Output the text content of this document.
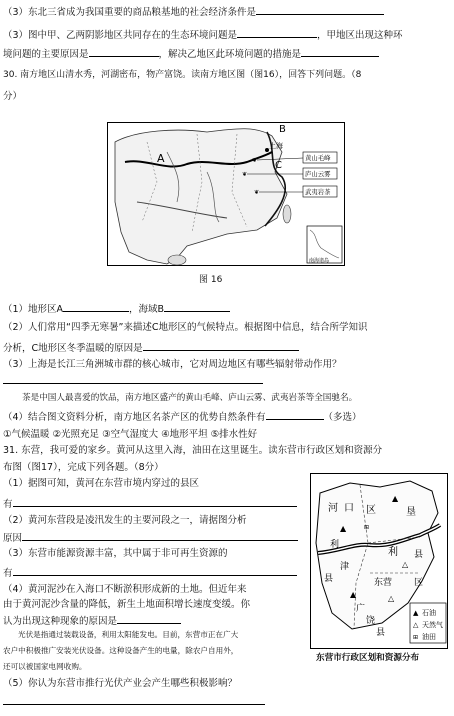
（3）东北三省成为我国重要的商品粮基地的社会经济条件是
（3）图中甲、乙两阴影地区共同存在的生态环境问题是	，甲地区出现这种环
境问题的主要原因是	，解决乙地区此环境问题的措施是
30. 南方地区山清水秀，河湖密布，物产富饶。读南方地区图（图16），回答下列问题。（8
分）
A
B
C
上海
黄山毛峰
庐山云雾
武夷岩茶
❦
❦
❦
南海诸岛
图 16
（1）地形区A	，海域B
（2）人们常用“四季无寒暑”来描述C地形区的气候特点。根据图中信息，结合所学知识
分析，C地形区冬季温暖的原因是
（3）上海是长江三角洲城市群的核心城市，它对周边地区有哪些辐射带动作用？
茶是中国人最喜爱的饮品，南方地区盛产的黄山毛峰、庐山云雾、武夷岩茶等全国驰名。
（4）结合图文资料分析，南方地区名茶产区的优势自然条件有	（多选）
①气候温暖 ②光照充足 ③空气湿度大 ④地形平坦 ⑤排水性好
31. 东营，我可爱的家乡。黄河从这里入海，油田在这里诞生。读东营市行政区划和资源分
布图（图17），完成下列各题。（8分）
（1）据图可知，黄河在东营市境内穿过的县区
有
（2）黄河东营段是凌汛发生的主要河段之一，请据图分析
原因
（3）东营市能源资源丰富，其中属于非可再生资源的
有
（4）黄河泥沙在入海口不断淤积形成新的土地。但近年来
由于黄河泥沙含量的降低，新生土地面积增长速度变缓。你
认为出现这种现象的原因是
光伏是指通过装载设备，利用太阳能发电。目前，东营市正在广大
农户中积极推广安装光伏设备。这种设备产生的电量，除农户自用外，
还可以被国家电网收购。
（5）你认为东营市推行光伏产业会产生哪些积极影响？
河 口 区	垦
利 县
东营 区
广
饶
县
利
津
县
▲
▲
△
▲	△
⊞
▲ 石油
△ 天然气
⊞ 油田
东营市行政区划和资源分布
